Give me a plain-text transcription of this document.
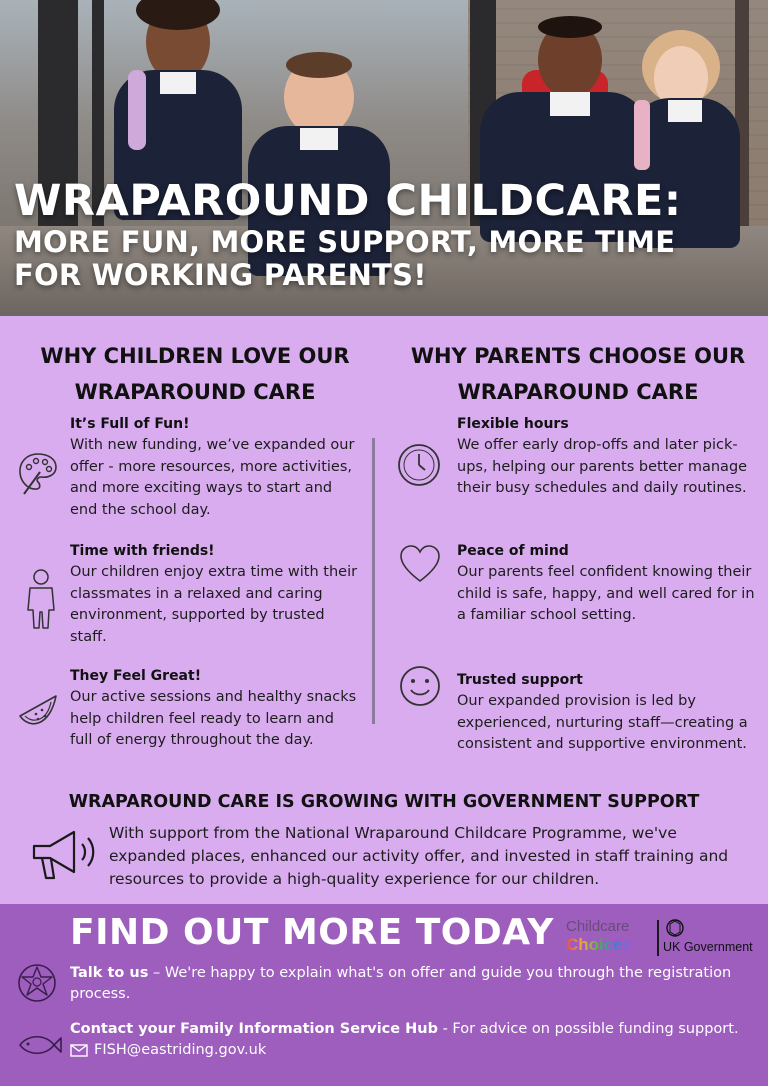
WRAPAROUND CHILDCARE:
MORE FUN, MORE SUPPORT, MORE TIME
FOR WORKING PARENTS!
WHY CHILDREN LOVE OUR
WRAPAROUND CARE
WHY PARENTS CHOOSE OUR
WRAPAROUND CARE
It’s Full of Fun!
With new funding, we’ve expanded our offer - more resources, more activities, and more exciting ways to start and end the school day.
Time with friends!
Our children enjoy extra time with their classmates in a relaxed and caring environment, supported by trusted staff.
They Feel Great!
Our active sessions and healthy snacks help children feel ready to learn and full of energy throughout the day.
Flexible hours
We offer early drop-offs and later pick-ups, helping our parents better manage their busy schedules and daily routines.
Peace of mind
Our parents feel confident knowing their child is safe, happy, and well cared for in a familiar school setting.
Trusted support
Our expanded provision is led by experienced, nurturing staff—creating a consistent and supportive environment.
WRAPAROUND CARE IS GROWING WITH GOVERNMENT SUPPORT
With support from the National Wraparound Childcare Programme, we've expanded places, enhanced our activity offer, and invested in staff training and resources to provide a high-quality experience for our children.
FIND OUT MORE TODAY Childcare
Choices UK Government
Talk to us – We're happy to explain what's on offer and guide you through the registration process.
Contact your Family Information Service Hub - For advice on possible funding support.
FISH@eastriding.gov.uk
